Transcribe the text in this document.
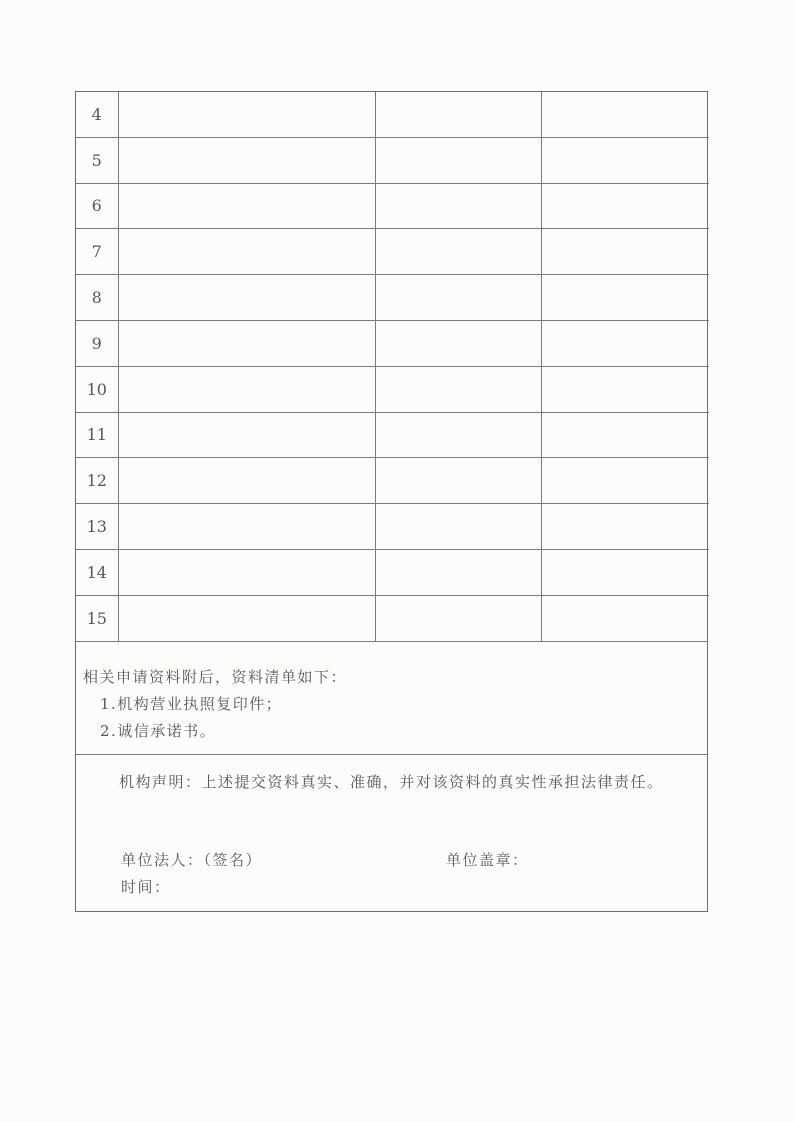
4			
5			
6			
7			
8			
9			
10			
11			
12			
13			
14			
15			
相关申请资料附后，资料清单如下：
1.机构营业执照复印件；
2.诚信承诺书。

机构声明：上述提交资料真实、准确，并对该资料的真实性承担法律责任。

单位法人：（签名）	单位盖章：
时间：
